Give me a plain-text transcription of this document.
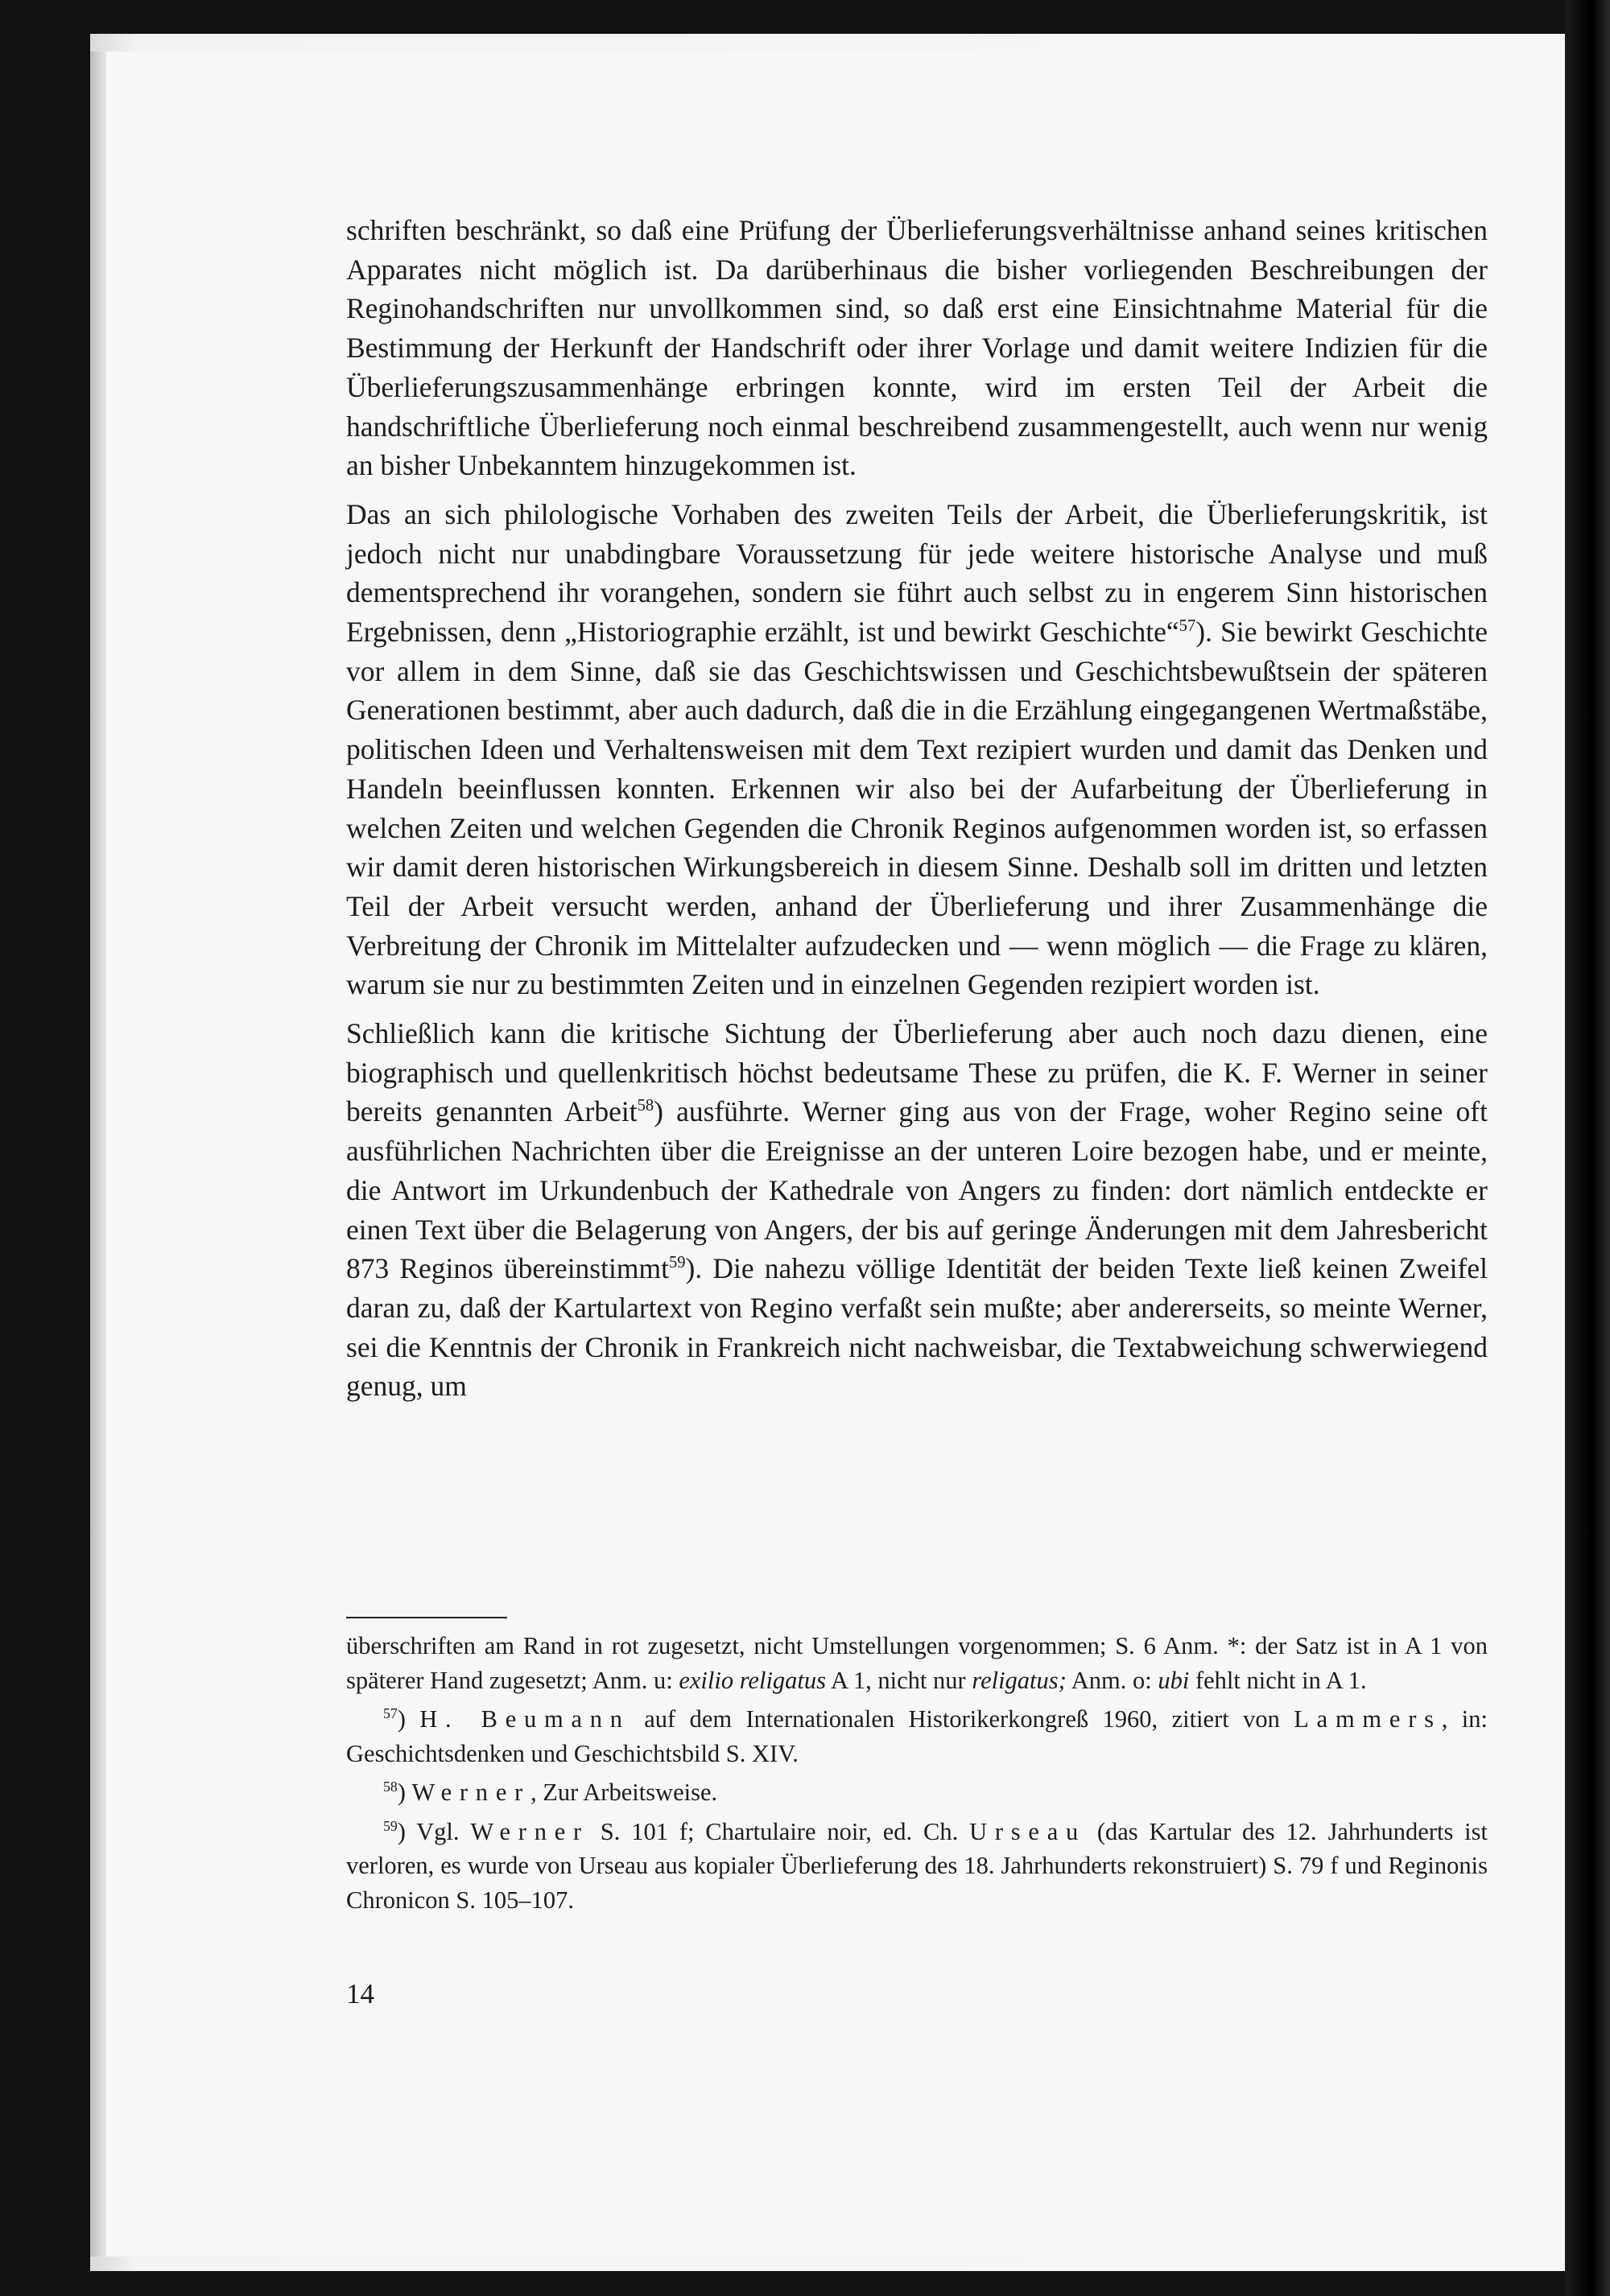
schriften beschränkt, so daß eine Prüfung der Überlieferungsverhältnisse anhand seines kritischen Apparates nicht möglich ist. Da darüberhinaus die bisher vorliegenden Beschreibungen der Reginohandschriften nur unvollkommen sind, so daß erst eine Einsichtnahme Material für die Bestimmung der Herkunft der Handschrift oder ihrer Vorlage und damit weitere Indizien für die Überlieferungszusammenhänge erbringen konnte, wird im ersten Teil der Arbeit die handschriftliche Überlieferung noch einmal beschreibend zusammengestellt, auch wenn nur wenig an bisher Unbekanntem hinzugekommen ist.

Das an sich philologische Vorhaben des zweiten Teils der Arbeit, die Überlieferungskritik, ist jedoch nicht nur unabdingbare Voraussetzung für jede weitere historische Analyse und muß dementsprechend ihr vorangehen, sondern sie führt auch selbst zu in engerem Sinn historischen Ergebnissen, denn „Historiographie erzählt, ist und bewirkt Geschichte“$^{57}$). Sie bewirkt Geschichte vor allem in dem Sinne, daß sie das Geschichtswissen und Geschichtsbewußtsein der späteren Generationen bestimmt, aber auch dadurch, daß die in die Erzählung eingegangenen Wertmaßstäbe, politischen Ideen und Verhaltensweisen mit dem Text rezipiert wurden und damit das Denken und Handeln beeinflussen konnten. Erkennen wir also bei der Aufarbeitung der Überlieferung in welchen Zeiten und welchen Gegenden die Chronik Reginos aufgenommen worden ist, so erfassen wir damit deren historischen Wirkungsbereich in diesem Sinne. Deshalb soll im dritten und letzten Teil der Arbeit versucht werden, anhand der Überlieferung und ihrer Zusammenhänge die Verbreitung der Chronik im Mittelalter aufzudecken und — wenn möglich — die Frage zu klären, warum sie nur zu bestimmten Zeiten und in einzelnen Gegenden rezipiert worden ist.

Schließlich kann die kritische Sichtung der Überlieferung aber auch noch dazu dienen, eine biographisch und quellenkritisch höchst bedeutsame These zu prüfen, die K. F. Werner in seiner bereits genannten Arbeit$^{58}$) ausführte. Werner ging aus von der Frage, woher Regino seine oft ausführlichen Nachrichten über die Ereignisse an der unteren Loire bezogen habe, und er meinte, die Antwort im Urkundenbuch der Kathedrale von Angers zu finden: dort nämlich entdeckte er einen Text über die Belagerung von Angers, der bis auf geringe Änderungen mit dem Jahresbericht 873 Reginos übereinstimmt$^{59}$). Die nahezu völlige Identität der beiden Texte ließ keinen Zweifel daran zu, daß der Kartulartext von Regino verfaßt sein mußte; aber andererseits, so meinte Werner, sei die Kenntnis der Chronik in Frankreich nicht nachweisbar, die Textabweichung schwerwiegend genug, um

überschriften am Rand in rot zugesetzt, nicht Umstellungen vorgenommen; S. 6 Anm. *: der Satz ist in A 1 von späterer Hand zugesetzt; Anm. u: exilio religatus A 1, nicht nur religatus; Anm. o: ubi fehlt nicht in A 1.

$^{57}$) H. Beumann auf dem Internationalen Historikerkongreß 1960, zitiert von Lammers, in: Geschichtsdenken und Geschichtsbild S. XIV.

$^{58}$) Werner, Zur Arbeitsweise.

$^{59}$) Vgl. Werner S. 101 f; Chartulaire noir, ed. Ch. Urseau (das Kartular des 12. Jahrhunderts ist verloren, es wurde von Urseau aus kopialer Überlieferung des 18. Jahrhunderts rekonstruiert) S. 79 f und Reginonis Chronicon S. 105–107.

14
